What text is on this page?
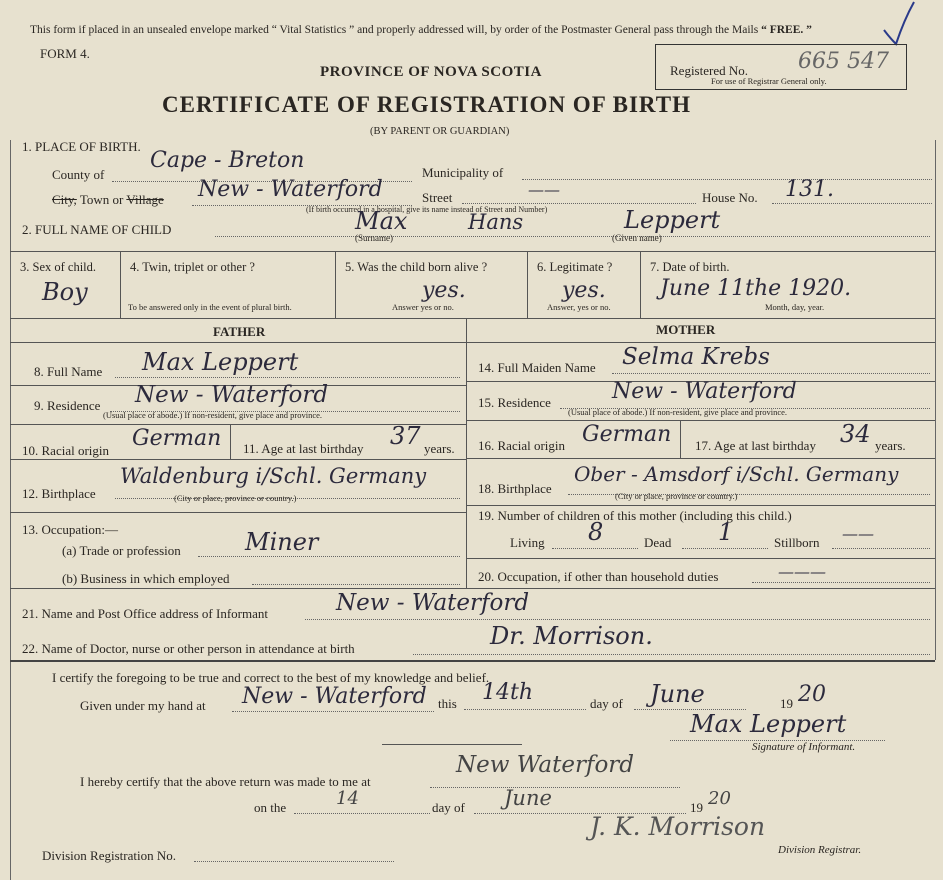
This form if placed in an unsealed envelope marked “ Vital Statistics ” and properly addressed will, by order of the Postmaster General pass through the Mails “ FREE. ”
FORM 4.
PROVINCE OF NOVA SCOTIA
CERTIFICATE OF REGISTRATION OF BIRTH
(BY PARENT OR GUARDIAN)
Registered No. 665 547
For use of Registrar General only.
1. PLACE OF BIRTH.
County of
Cape - Breton	Municipality of
City, Town or Village New - Waterford	Street	——
(If birth occurred in a hospital, give its name instead of Street and Number)
House No. 131.
2. FULL NAME OF CHILD	Max
(Surname)
Hans	Leppert
(Given name)
3. Sex of child.
Boy
4. Twin, triplet or other ?
To be answered only in the event of plural birth.
5. Was the child born alive ?
yes.
Answer yes or no.
6. Legitimate ?
yes.
Answer, yes or no.
7. Date of birth.
June 11the 1920.
Month, day, year.
FATHER	MOTHER
8. Full Name Max Leppert
9. Residence New - Waterford
(Usual place of abode.) If non-resident, give place and province.
10. Racial origin German 11. Age at last birthday 37 years.
12. Birthplace
Waldenburg i/Schl. Germany
(City or place, province or country.)
13. Occupation:—
(a) Trade or profession	Miner
(b) Business in which employed
14. Full Maiden Name Selma Krebs
15. Residence	New - Waterford
(Usual place of abode.) If non-resident, give place and province.
16. Racial origin German 17. Age at last birthday 34 years.
18. Birthplace
Ober - Amsdorf i/Schl. Germany
(City or place, province or country.)
19. Number of children of this mother (including this child.)
Living 8	Dead 1	Stillborn ——
20. Occupation, if other than household duties	———
21. Name and Post Office address of Informant	New - Waterford
22. Name of Doctor, nurse or other person in attendance at birth	Dr. Morrison.
I certify the foregoing to be true and correct to the best of my knowledge and belief.
Given under my hand at New - Waterford this 14th	day of June	19 20
Max Leppert
Signature of Informant.
I hereby certify that the above return was made to me at
New Waterford
on the	14	day of June	19 20
J. K. Morrison
Division Registrar.
Division Registration No.
